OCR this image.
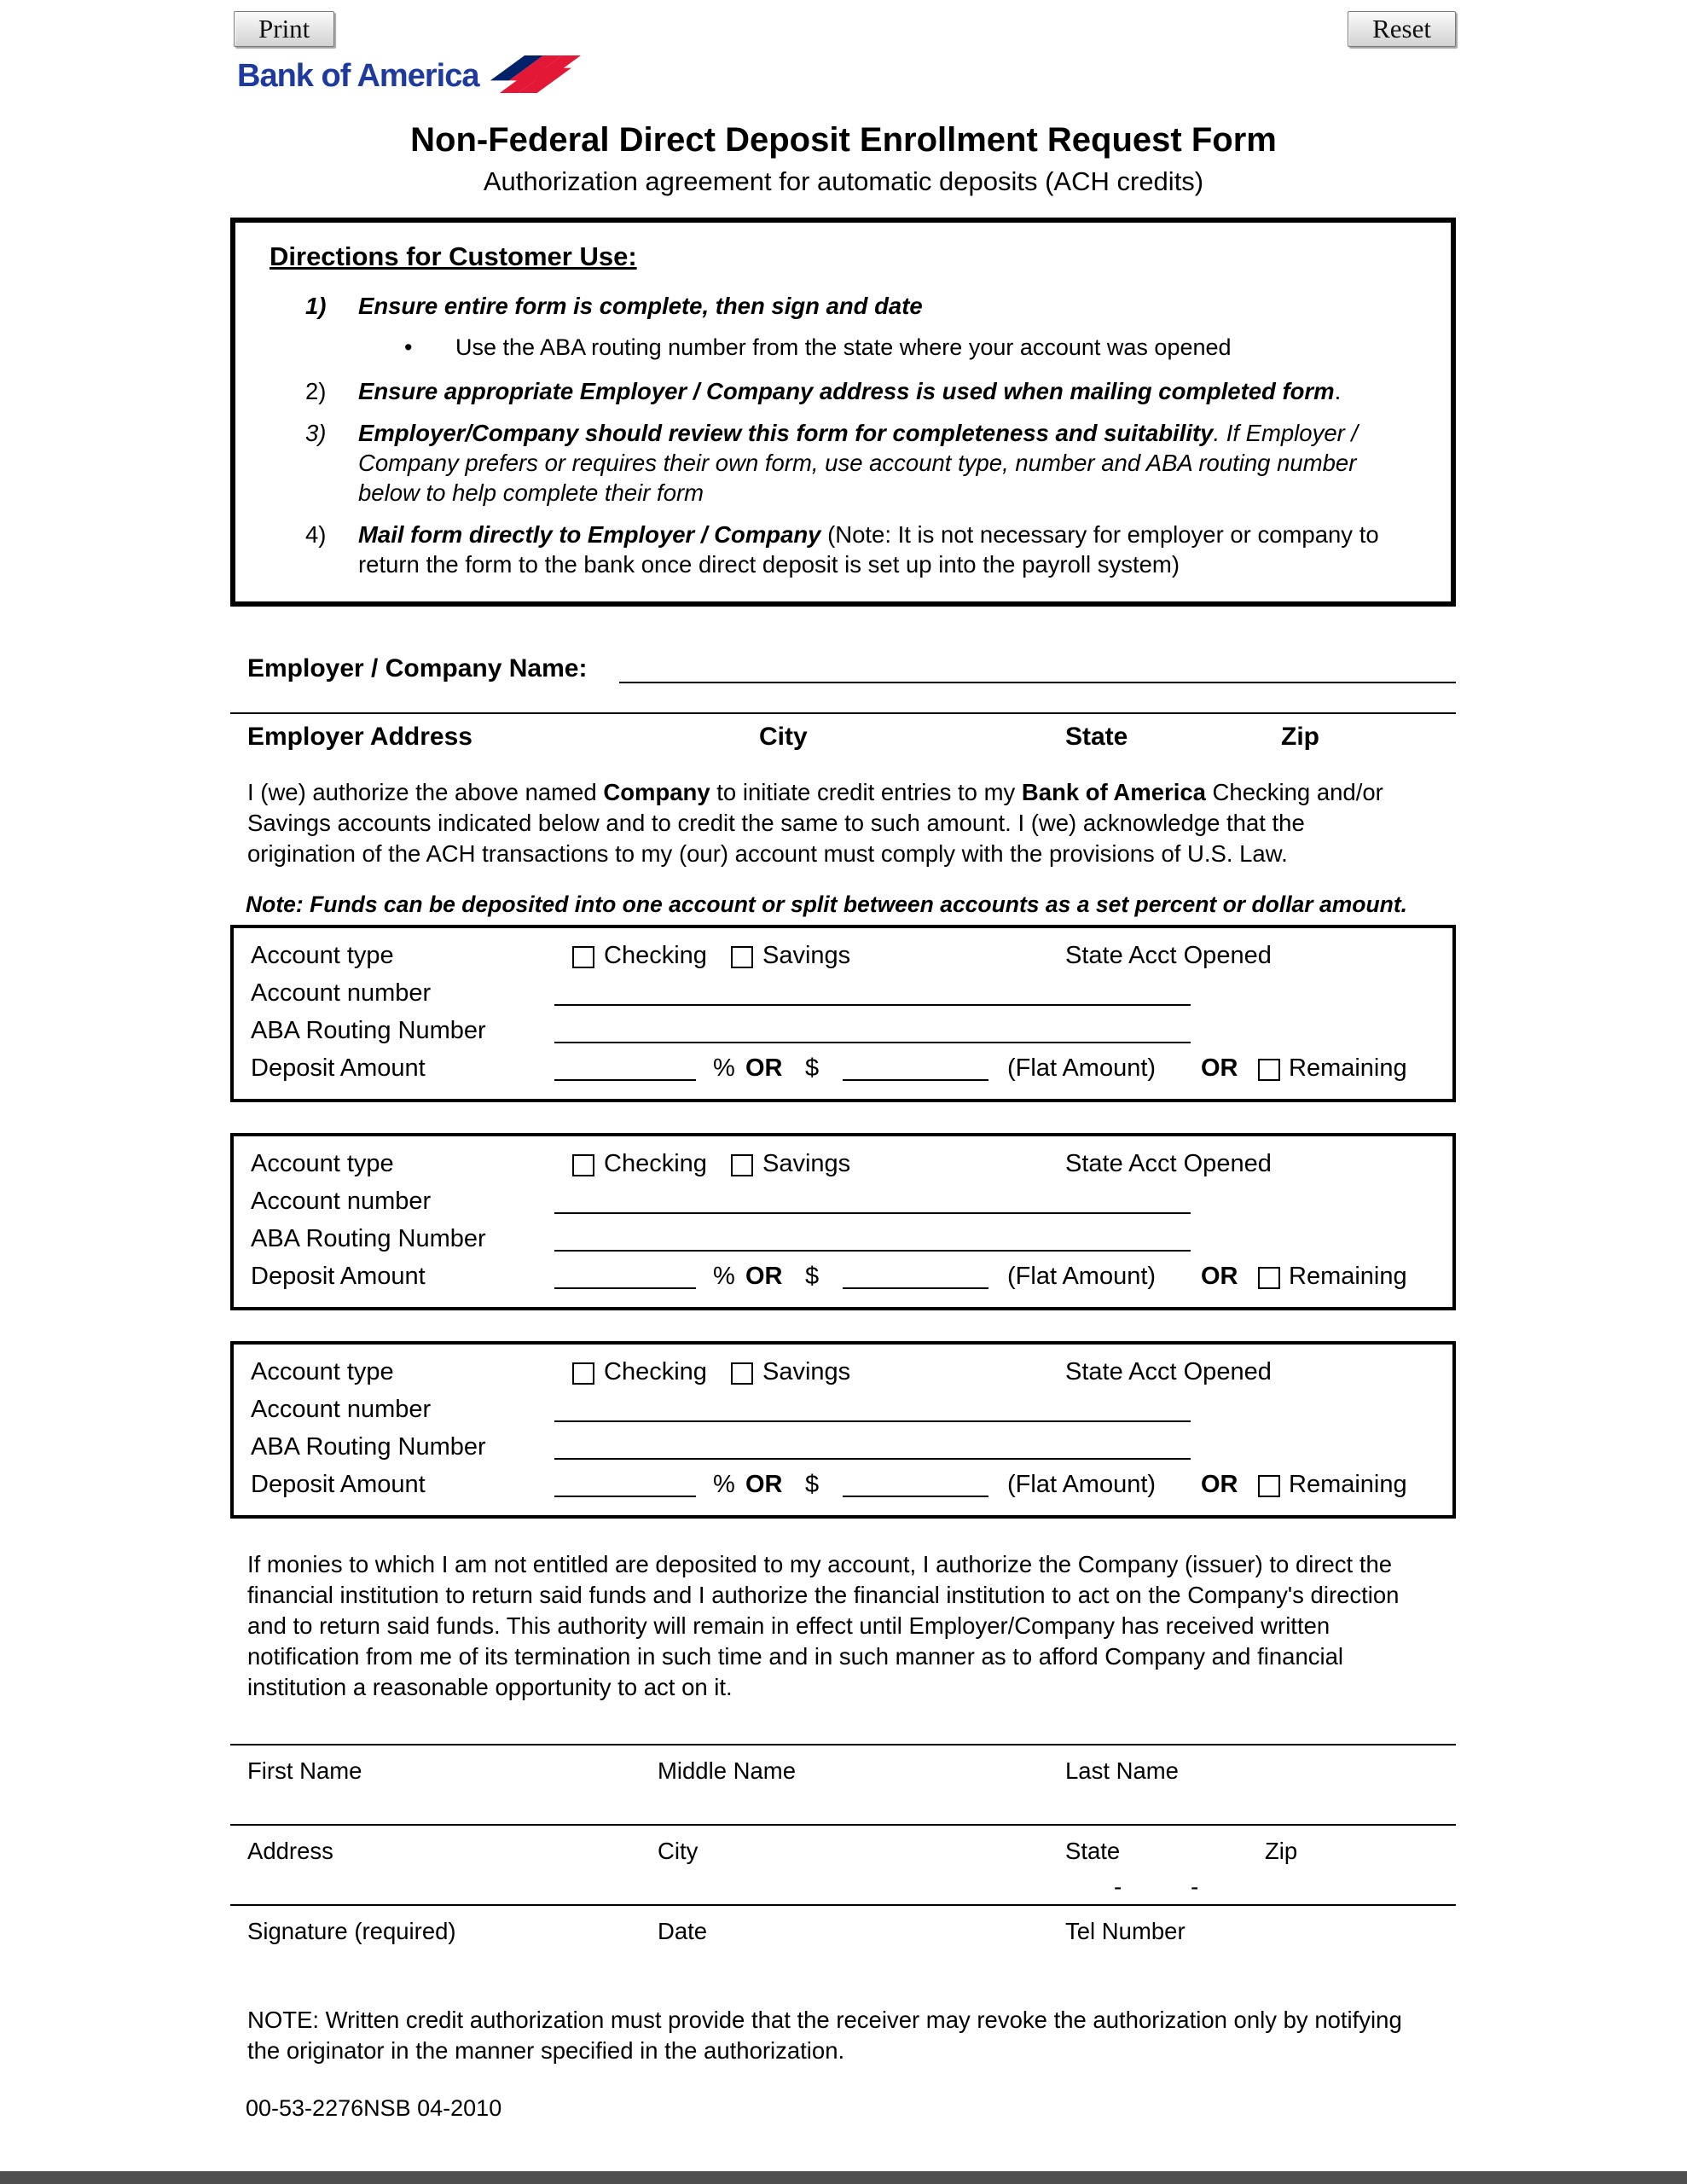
Print	Reset
Bank of America
Non-Federal Direct Deposit Enrollment Request Form
Authorization agreement for automatic deposits (ACH credits)
Directions for Customer Use:
1)	Ensure entire form is complete, then sign and date
•	Use the ABA routing number from the state where your account was opened
2)	Ensure appropriate Employer / Company address is used when mailing completed form.
3)	Employer/Company should review this form for completeness and suitability. If Employer / Company prefers or requires their own form, use account type, number and ABA routing number below to help complete their form
4)	Mail form directly to Employer / Company (Note: It is not necessary for employer or company to return the form to the bank once direct deposit is set up into the payroll system)
Employer / Company Name:
Employer Address	City	State	Zip
I (we) authorize the above named Company to initiate credit entries to my Bank of America Checking and/or Savings accounts indicated below and to credit the same to such amount. I (we) acknowledge that the origination of the ACH transactions to my (our) account must comply with the provisions of U.S. Law.
Note: Funds can be deposited into one account or split between accounts as a set percent or dollar amount.
Account type	Checking Savings	State Acct Opened
Account number
ABA Routing Number
Deposit Amount	% OR $	(Flat Amount) OR Remaining
Account type	Checking Savings	State Acct Opened
Account number
ABA Routing Number
Deposit Amount	% OR $	(Flat Amount) OR Remaining
Account type	Checking Savings	State Acct Opened
Account number
ABA Routing Number
Deposit Amount	% OR $	(Flat Amount) OR Remaining
If monies to which I am not entitled are deposited to my account, I authorize the Company (issuer) to direct the financial institution to return said funds and I authorize the financial institution to act on the Company's direction and to return said funds. This authority will remain in effect until Employer/Company has received written notification from me of its termination in such time and in such manner as to afford Company and financial institution a reasonable opportunity to act on it.
First Name	Middle Name	Last Name
Address	City	State	Zip
-	-
Signature (required)	Date	Tel Number
NOTE: Written credit authorization must provide that the receiver may revoke the authorization only by notifying the originator in the manner specified in the authorization.
00-53-2276NSB 04-2010
